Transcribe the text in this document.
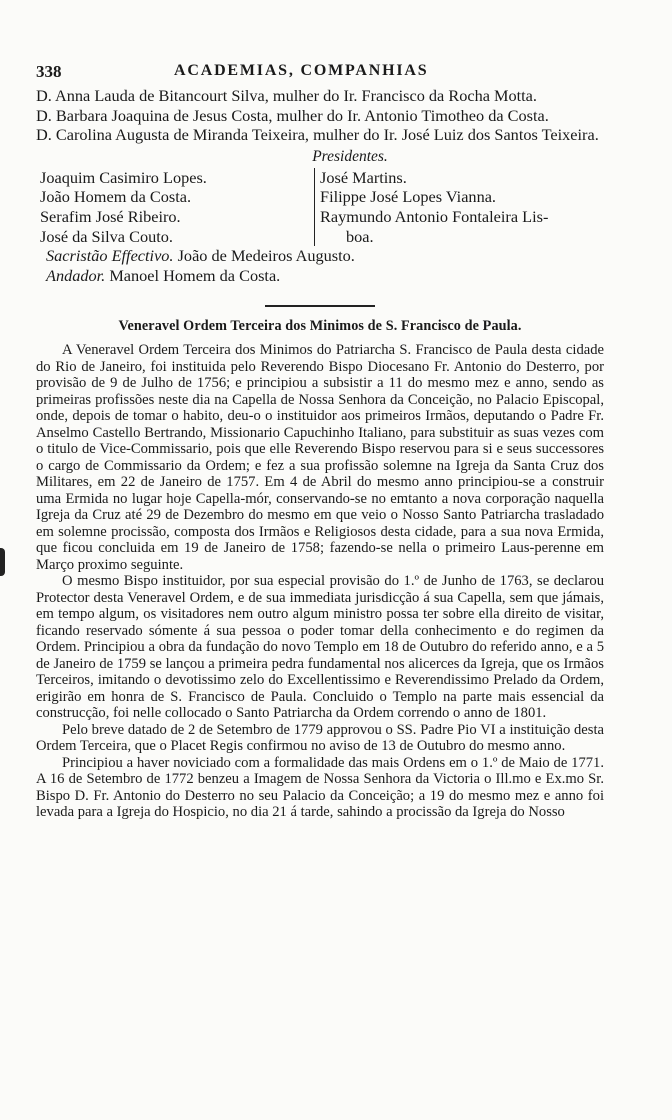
338	ACADEMIAS, COMPANHIAS

D. Anna Lauda de Bitancourt Silva, mulher do Ir. Francisco da Rocha Motta.

D. Barbara Joaquina de Jesus Costa, mulher do Ir. Antonio Timotheo da Costa.

D. Carolina Augusta de Miranda Teixeira, mulher do Ir. José Luiz dos Santos Teixeira.

Presidentes.
Joaquim Casimiro Lopes.
João Homem da Costa.
Serafim José Ribeiro.
José da Silva Couto.
José Martins.
Filippe José Lopes Vianna.
Raymundo Antonio Fontaleira Lis-
boa.
Sacristão Effectivo. João de Medeiros Augusto.
Andador. Manoel Homem da Costa.
Veneravel Ordem Terceira dos Minimos de S. Francisco de Paula.

A Veneravel Ordem Terceira dos Minimos do Patriarcha S. Francisco de Paula desta cidade do Rio de Janeiro, foi instituida pelo Reverendo Bispo Diocesano Fr. Antonio do Desterro, por provisão de 9 de Julho de 1756; e principiou a subsistir a 11 do mesmo mez e anno, sendo as primeiras profissões neste dia na Capella de Nossa Senhora da Conceição, no Palacio Episcopal, onde, depois de tomar o habito, deu-o o instituidor aos primeiros Irmãos, deputando o Padre Fr. Anselmo Castello Bertrando, Missionario Capuchinho Italiano, para substituir as suas vezes com o titulo de Vice-Commissario, pois que elle Reverendo Bispo reservou para si e seus successores o cargo de Commissario da Ordem; e fez a sua profissão solemne na Igreja da Santa Cruz dos Militares, em 22 de Janeiro de 1757. Em 4 de Abril do mesmo anno principiou-se a construir uma Ermida no lugar hoje Capella-mór, conservando-se no emtanto a nova corporação naquella Igreja da Cruz até 29 de Dezembro do mesmo em que veio o Nosso Santo Patriarcha trasladado em solemne procissão, composta dos Irmãos e Religiosos desta cidade, para a sua nova Ermida, que ficou concluida em 19 de Janeiro de 1758; fazendo-se nella o primeiro Laus-perenne em Março proximo seguinte.

O mesmo Bispo instituidor, por sua especial provisão do 1.º de Junho de 1763, se declarou Protector desta Veneravel Ordem, e de sua immediata jurisdicção á sua Capella, sem que jámais, em tempo algum, os visitadores nem outro algum ministro possa ter sobre ella direito de visitar, ficando reservado sómente á sua pessoa o poder tomar della conhecimento e do regimen da Ordem. Principiou a obra da fundação do novo Templo em 18 de Outubro do referido anno, e a 5 de Janeiro de 1759 se lançou a primeira pedra fundamental nos alicerces da Igreja, que os Irmãos Terceiros, imitando o devotissimo zelo do Excellentissimo e Reverendissimo Prelado da Ordem, erigirão em honra de S. Francisco de Paula. Concluido o Templo na parte mais essencial da construcção, foi nelle collocado o Santo Patriarcha da Ordem correndo o anno de 1801.

Pelo breve datado de 2 de Setembro de 1779 approvou o SS. Padre Pio VI a instituição desta Ordem Terceira, que o Placet Regis confirmou no aviso de 13 de Outubro do mesmo anno.

Principiou a haver noviciado com a formalidade das mais Ordens em o 1.º de Maio de 1771. A 16 de Setembro de 1772 benzeu a Imagem de Nossa Senhora da Victoria o Ill.mo e Ex.mo Sr. Bispo D. Fr. Antonio do Desterro no seu Palacio da Conceição; a 19 do mesmo mez e anno foi levada para a Igreja do Hospicio, no dia 21 á tarde, sahindo a procissão da Igreja do Nosso
